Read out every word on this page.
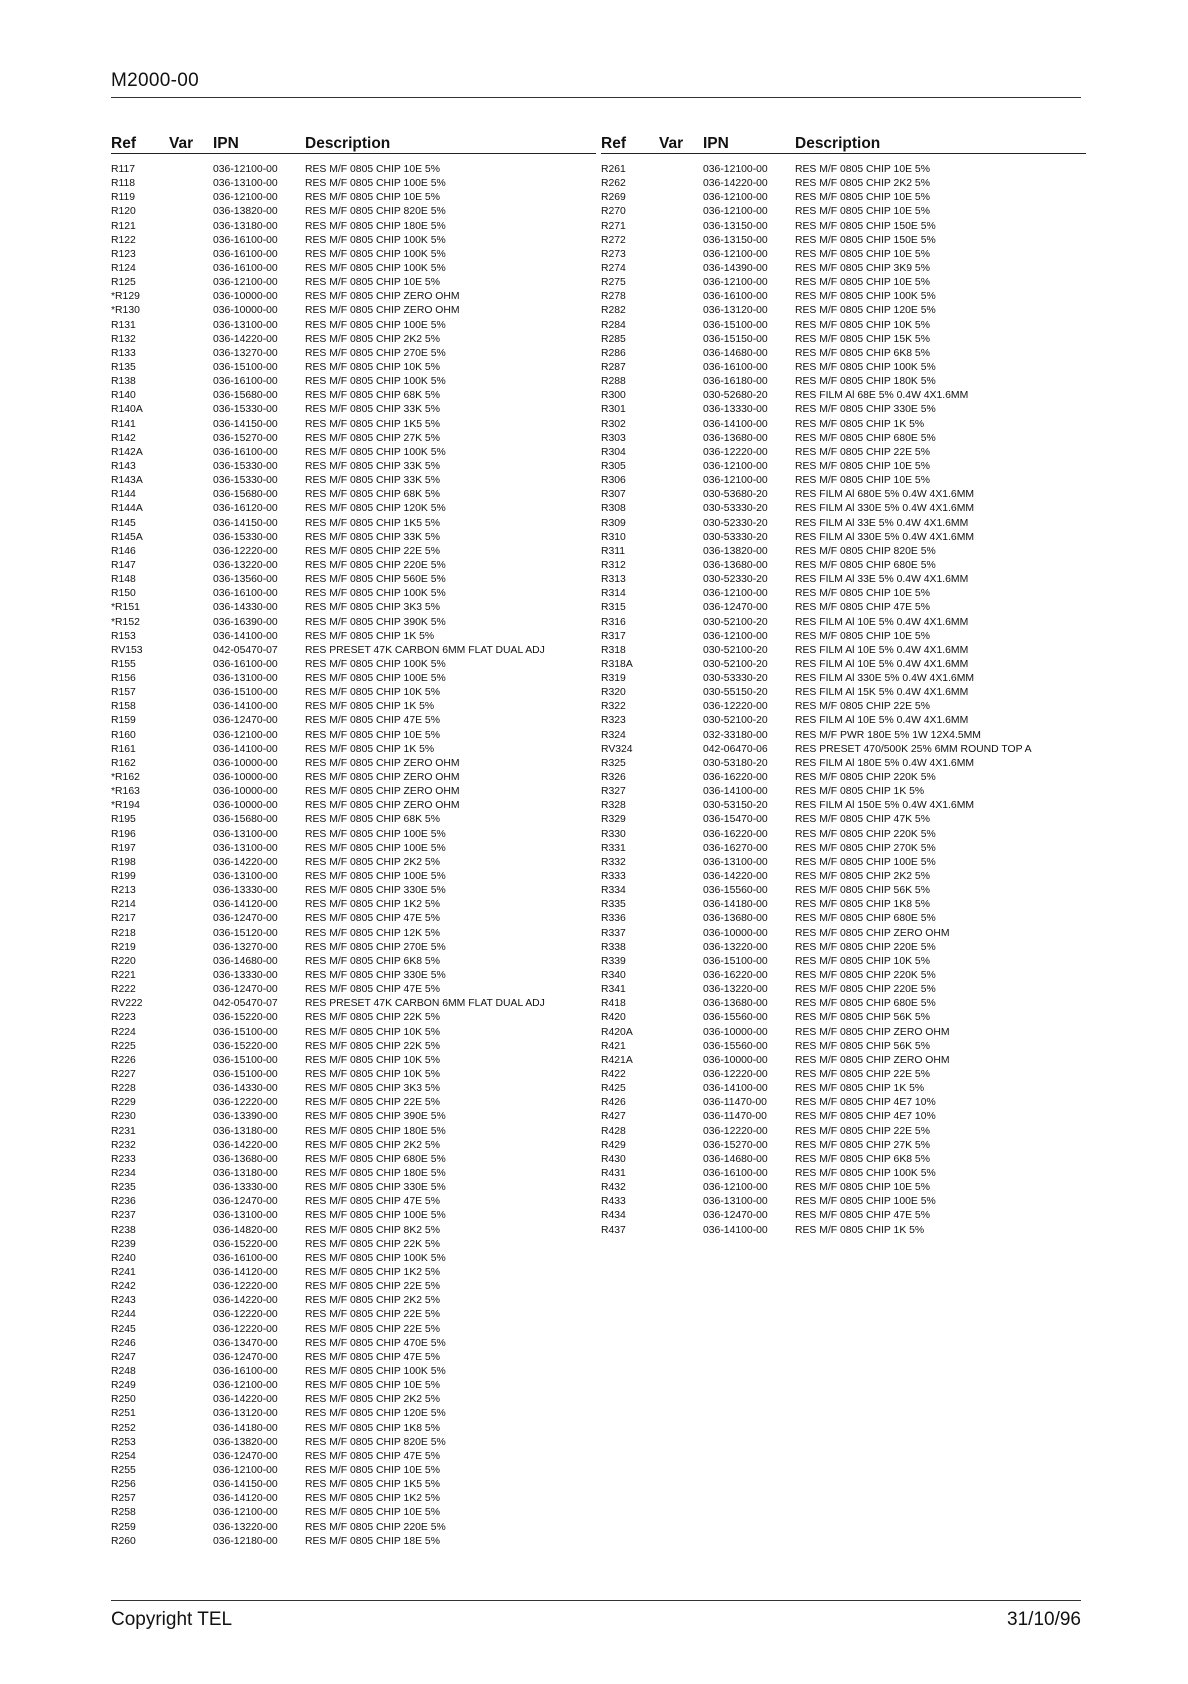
M2000-00
Ref	Var	IPN	Description
R117	036-12100-00	RES M/F 0805 CHIP 10E 5%
R118	036-13100-00	RES M/F 0805 CHIP 100E 5%
R119	036-12100-00	RES M/F 0805 CHIP 10E 5%
R120	036-13820-00	RES M/F 0805 CHIP 820E 5%
R121	036-13180-00	RES M/F 0805 CHIP 180E 5%
R122	036-16100-00	RES M/F 0805 CHIP 100K 5%
R123	036-16100-00	RES M/F 0805 CHIP 100K 5%
R124	036-16100-00	RES M/F 0805 CHIP 100K 5%
R125	036-12100-00	RES M/F 0805 CHIP 10E 5%
*R129	036-10000-00	RES M/F 0805 CHIP ZERO OHM
*R130	036-10000-00	RES M/F 0805 CHIP ZERO OHM
R131	036-13100-00	RES M/F 0805 CHIP 100E 5%
R132	036-14220-00	RES M/F 0805 CHIP 2K2 5%
R133	036-13270-00	RES M/F 0805 CHIP 270E 5%
R135	036-15100-00	RES M/F 0805 CHIP 10K 5%
R138	036-16100-00	RES M/F 0805 CHIP 100K 5%
R140	036-15680-00	RES M/F 0805 CHIP 68K 5%
R140A	036-15330-00	RES M/F 0805 CHIP 33K 5%
R141	036-14150-00	RES M/F 0805 CHIP 1K5 5%
R142	036-15270-00	RES M/F 0805 CHIP 27K 5%
R142A	036-16100-00	RES M/F 0805 CHIP 100K 5%
R143	036-15330-00	RES M/F 0805 CHIP 33K 5%
R143A	036-15330-00	RES M/F 0805 CHIP 33K 5%
R144	036-15680-00	RES M/F 0805 CHIP 68K 5%
R144A	036-16120-00	RES M/F 0805 CHIP 120K 5%
R145	036-14150-00	RES M/F 0805 CHIP 1K5 5%
R145A	036-15330-00	RES M/F 0805 CHIP 33K 5%
R146	036-12220-00	RES M/F 0805 CHIP 22E 5%
R147	036-13220-00	RES M/F 0805 CHIP 220E 5%
R148	036-13560-00	RES M/F 0805 CHIP 560E 5%
R150	036-16100-00	RES M/F 0805 CHIP 100K 5%
*R151	036-14330-00	RES M/F 0805 CHIP 3K3 5%
*R152	036-16390-00	RES M/F 0805 CHIP 390K 5%
R153	036-14100-00	RES M/F 0805 CHIP 1K 5%
RV153	042-05470-07	RES PRESET 47K CARBON 6MM FLAT DUAL ADJ
R155	036-16100-00	RES M/F 0805 CHIP 100K 5%
R156	036-13100-00	RES M/F 0805 CHIP 100E 5%
R157	036-15100-00	RES M/F 0805 CHIP 10K 5%
R158	036-14100-00	RES M/F 0805 CHIP 1K 5%
R159	036-12470-00	RES M/F 0805 CHIP 47E 5%
R160	036-12100-00	RES M/F 0805 CHIP 10E 5%
R161	036-14100-00	RES M/F 0805 CHIP 1K 5%
R162	036-10000-00	RES M/F 0805 CHIP ZERO OHM
*R162	036-10000-00	RES M/F 0805 CHIP ZERO OHM
*R163	036-10000-00	RES M/F 0805 CHIP ZERO OHM
*R194	036-10000-00	RES M/F 0805 CHIP ZERO OHM
R195	036-15680-00	RES M/F 0805 CHIP 68K 5%
R196	036-13100-00	RES M/F 0805 CHIP 100E 5%
R197	036-13100-00	RES M/F 0805 CHIP 100E 5%
R198	036-14220-00	RES M/F 0805 CHIP 2K2 5%
R199	036-13100-00	RES M/F 0805 CHIP 100E 5%
R213	036-13330-00	RES M/F 0805 CHIP 330E 5%
R214	036-14120-00	RES M/F 0805 CHIP 1K2 5%
R217	036-12470-00	RES M/F 0805 CHIP 47E 5%
R218	036-15120-00	RES M/F 0805 CHIP 12K 5%
R219	036-13270-00	RES M/F 0805 CHIP 270E 5%
R220	036-14680-00	RES M/F 0805 CHIP 6K8 5%
R221	036-13330-00	RES M/F 0805 CHIP 330E 5%
R222	036-12470-00	RES M/F 0805 CHIP 47E 5%
RV222	042-05470-07	RES PRESET 47K CARBON 6MM FLAT DUAL ADJ
R223	036-15220-00	RES M/F 0805 CHIP 22K 5%
R224	036-15100-00	RES M/F 0805 CHIP 10K 5%
R225	036-15220-00	RES M/F 0805 CHIP 22K 5%
R226	036-15100-00	RES M/F 0805 CHIP 10K 5%
R227	036-15100-00	RES M/F 0805 CHIP 10K 5%
R228	036-14330-00	RES M/F 0805 CHIP 3K3 5%
R229	036-12220-00	RES M/F 0805 CHIP 22E 5%
R230	036-13390-00	RES M/F 0805 CHIP 390E 5%
R231	036-13180-00	RES M/F 0805 CHIP 180E 5%
R232	036-14220-00	RES M/F 0805 CHIP 2K2 5%
R233	036-13680-00	RES M/F 0805 CHIP 680E 5%
R234	036-13180-00	RES M/F 0805 CHIP 180E 5%
R235	036-13330-00	RES M/F 0805 CHIP 330E 5%
R236	036-12470-00	RES M/F 0805 CHIP 47E 5%
R237	036-13100-00	RES M/F 0805 CHIP 100E 5%
R238	036-14820-00	RES M/F 0805 CHIP 8K2 5%
R239	036-15220-00	RES M/F 0805 CHIP 22K 5%
R240	036-16100-00	RES M/F 0805 CHIP 100K 5%
R241	036-14120-00	RES M/F 0805 CHIP 1K2 5%
R242	036-12220-00	RES M/F 0805 CHIP 22E 5%
R243	036-14220-00	RES M/F 0805 CHIP 2K2 5%
R244	036-12220-00	RES M/F 0805 CHIP 22E 5%
R245	036-12220-00	RES M/F 0805 CHIP 22E 5%
R246	036-13470-00	RES M/F 0805 CHIP 470E 5%
R247	036-12470-00	RES M/F 0805 CHIP 47E 5%
R248	036-16100-00	RES M/F 0805 CHIP 100K 5%
R249	036-12100-00	RES M/F 0805 CHIP 10E 5%
R250	036-14220-00	RES M/F 0805 CHIP 2K2 5%
R251	036-13120-00	RES M/F 0805 CHIP 120E 5%
R252	036-14180-00	RES M/F 0805 CHIP 1K8 5%
R253	036-13820-00	RES M/F 0805 CHIP 820E 5%
R254	036-12470-00	RES M/F 0805 CHIP 47E 5%
R255	036-12100-00	RES M/F 0805 CHIP 10E 5%
R256	036-14150-00	RES M/F 0805 CHIP 1K5 5%
R257	036-14120-00	RES M/F 0805 CHIP 1K2 5%
R258	036-12100-00	RES M/F 0805 CHIP 10E 5%
R259	036-13220-00	RES M/F 0805 CHIP 220E 5%
R260	036-12180-00	RES M/F 0805 CHIP 18E 5%
Ref	Var	IPN	Description
R261	036-12100-00	RES M/F 0805 CHIP 10E 5%
R262	036-14220-00	RES M/F 0805 CHIP 2K2 5%
R269	036-12100-00	RES M/F 0805 CHIP 10E 5%
R270	036-12100-00	RES M/F 0805 CHIP 10E 5%
R271	036-13150-00	RES M/F 0805 CHIP 150E 5%
R272	036-13150-00	RES M/F 0805 CHIP 150E 5%
R273	036-12100-00	RES M/F 0805 CHIP 10E 5%
R274	036-14390-00	RES M/F 0805 CHIP 3K9 5%
R275	036-12100-00	RES M/F 0805 CHIP 10E 5%
R278	036-16100-00	RES M/F 0805 CHIP 100K 5%
R282	036-13120-00	RES M/F 0805 CHIP 120E 5%
R284	036-15100-00	RES M/F 0805 CHIP 10K 5%
R285	036-15150-00	RES M/F 0805 CHIP 15K 5%
R286	036-14680-00	RES M/F 0805 CHIP 6K8 5%
R287	036-16100-00	RES M/F 0805 CHIP 100K 5%
R288	036-16180-00	RES M/F 0805 CHIP 180K 5%
R300	030-52680-20	RES FILM Al 68E 5% 0.4W 4X1.6MM
R301	036-13330-00	RES M/F 0805 CHIP 330E 5%
R302	036-14100-00	RES M/F 0805 CHIP 1K 5%
R303	036-13680-00	RES M/F 0805 CHIP 680E 5%
R304	036-12220-00	RES M/F 0805 CHIP 22E 5%
R305	036-12100-00	RES M/F 0805 CHIP 10E 5%
R306	036-12100-00	RES M/F 0805 CHIP 10E 5%
R307	030-53680-20	RES FILM Al 680E 5% 0.4W 4X1.6MM
R308	030-53330-20	RES FILM Al 330E 5% 0.4W 4X1.6MM
R309	030-52330-20	RES FILM Al 33E 5% 0.4W 4X1.6MM
R310	030-53330-20	RES FILM Al 330E 5% 0.4W 4X1.6MM
R311	036-13820-00	RES M/F 0805 CHIP 820E 5%
R312	036-13680-00	RES M/F 0805 CHIP 680E 5%
R313	030-52330-20	RES FILM Al 33E 5% 0.4W 4X1.6MM
R314	036-12100-00	RES M/F 0805 CHIP 10E 5%
R315	036-12470-00	RES M/F 0805 CHIP 47E 5%
R316	030-52100-20	RES FILM Al 10E 5% 0.4W 4X1.6MM
R317	036-12100-00	RES M/F 0805 CHIP 10E 5%
R318	030-52100-20	RES FILM Al 10E 5% 0.4W 4X1.6MM
R318A	030-52100-20	RES FILM Al 10E 5% 0.4W 4X1.6MM
R319	030-53330-20	RES FILM Al 330E 5% 0.4W 4X1.6MM
R320	030-55150-20	RES FILM Al 15K 5% 0.4W 4X1.6MM
R322	036-12220-00	RES M/F 0805 CHIP 22E 5%
R323	030-52100-20	RES FILM Al 10E 5% 0.4W 4X1.6MM
R324	032-33180-00	RES M/F PWR 180E 5% 1W 12X4.5MM
RV324	042-06470-06	RES PRESET 470/500K 25% 6MM ROUND TOP A
R325	030-53180-20	RES FILM Al 180E 5% 0.4W 4X1.6MM
R326	036-16220-00	RES M/F 0805 CHIP 220K 5%
R327	036-14100-00	RES M/F 0805 CHIP 1K 5%
R328	030-53150-20	RES FILM Al 150E 5% 0.4W 4X1.6MM
R329	036-15470-00	RES M/F 0805 CHIP 47K 5%
R330	036-16220-00	RES M/F 0805 CHIP 220K 5%
R331	036-16270-00	RES M/F 0805 CHIP 270K 5%
R332	036-13100-00	RES M/F 0805 CHIP 100E 5%
R333	036-14220-00	RES M/F 0805 CHIP 2K2 5%
R334	036-15560-00	RES M/F 0805 CHIP 56K 5%
R335	036-14180-00	RES M/F 0805 CHIP 1K8 5%
R336	036-13680-00	RES M/F 0805 CHIP 680E 5%
R337	036-10000-00	RES M/F 0805 CHIP ZERO OHM
R338	036-13220-00	RES M/F 0805 CHIP 220E 5%
R339	036-15100-00	RES M/F 0805 CHIP 10K 5%
R340	036-16220-00	RES M/F 0805 CHIP 220K 5%
R341	036-13220-00	RES M/F 0805 CHIP 220E 5%
R418	036-13680-00	RES M/F 0805 CHIP 680E 5%
R420	036-15560-00	RES M/F 0805 CHIP 56K 5%
R420A	036-10000-00	RES M/F 0805 CHIP ZERO OHM
R421	036-15560-00	RES M/F 0805 CHIP 56K 5%
R421A	036-10000-00	RES M/F 0805 CHIP ZERO OHM
R422	036-12220-00	RES M/F 0805 CHIP 22E 5%
R425	036-14100-00	RES M/F 0805 CHIP 1K 5%
R426	036-11470-00	RES M/F 0805 CHIP 4E7 10%
R427	036-11470-00	RES M/F 0805 CHIP 4E7 10%
R428	036-12220-00	RES M/F 0805 CHIP 22E 5%
R429	036-15270-00	RES M/F 0805 CHIP 27K 5%
R430	036-14680-00	RES M/F 0805 CHIP 6K8 5%
R431	036-16100-00	RES M/F 0805 CHIP 100K 5%
R432	036-12100-00	RES M/F 0805 CHIP 10E 5%
R433	036-13100-00	RES M/F 0805 CHIP 100E 5%
R434	036-12470-00	RES M/F 0805 CHIP 47E 5%
R437	036-14100-00	RES M/F 0805 CHIP 1K 5%
Copyright TEL	31/10/96
